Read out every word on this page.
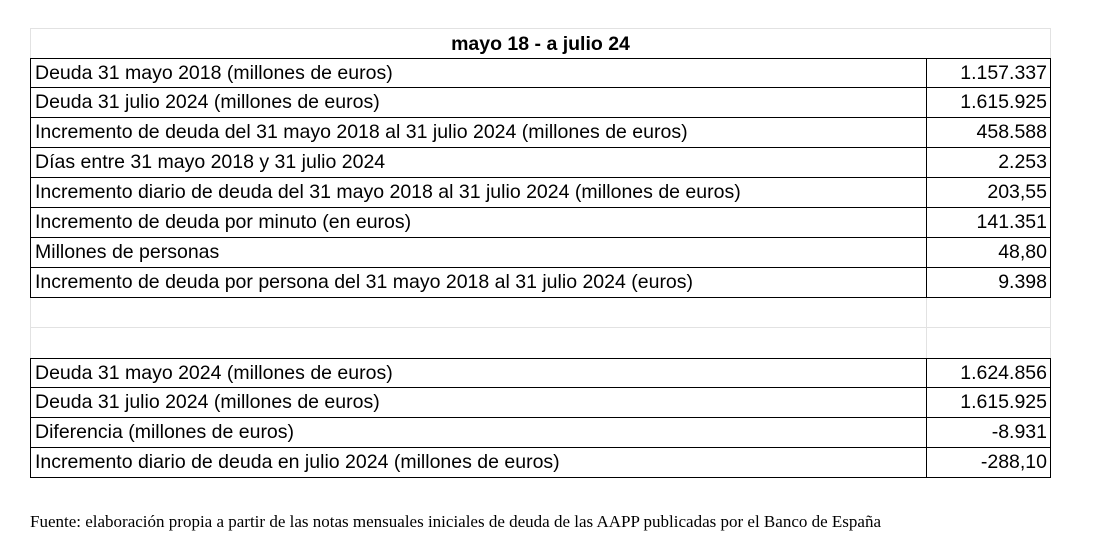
mayo 18 - a julio 24
Deuda 31 mayo 2018 (millones de euros)	1.157.337
Deuda 31 julio 2024 (millones de euros)	1.615.925
Incremento de deuda del 31 mayo 2018 al 31 julio 2024 (millones de euros)	458.588
Días entre 31 mayo 2018 y 31 julio 2024	2.253
Incremento diario de deuda del 31 mayo 2018 al 31 julio 2024 (millones de euros)	203,55
Incremento de deuda por minuto (en euros)	141.351
Millones de personas	48,80
Incremento de deuda por persona del 31 mayo 2018 al 31 julio 2024 (euros)	9.398
Deuda 31 mayo 2024 (millones de euros)	1.624.856
Deuda 31 julio 2024 (millones de euros)	1.615.925
Diferencia (millones de euros)	-8.931
Incremento diario de deuda en julio 2024 (millones de euros)	-288,10
Fuente: elaboración propia a partir de las notas mensuales iniciales de deuda de las AAPP publicadas por el Banco de España
